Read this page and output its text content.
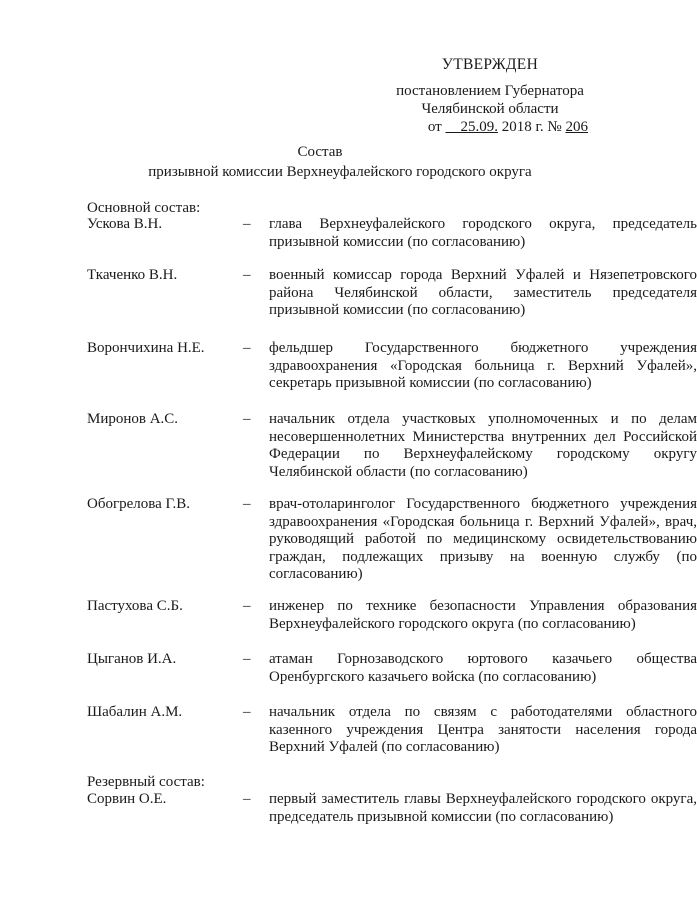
УТВЕРЖДЕН
постановлением Губернатора
Челябинской области
от 25.09. 2018 г. № 206
Состав
призывной комиссии Верхнеуфалейского городского округа
Основной состав:
Ускова В.Н.	– глава Верхнеуфалейского городского округа, председатель призывной комиссии (по согласованию)
Ткаченко В.Н.	– военный комиссар города Верхний Уфалей и Нязепетровского района Челябинской области, заместитель председателя призывной комиссии (по согласованию)
Ворончихина Н.Е.	– фельдшер Государственного бюджетного учреждения здравоохранения «Городская больница г. Верхний Уфалей», секретарь призывной комиссии (по согласованию)
Миронов А.С.	– начальник отдела участковых уполномоченных и по делам несовершеннолетних Министерства внутренних дел Российской Федерации по Верхнеуфалейскому городскому округу Челябинской области (по согласованию)
Обогрелова Г.В.	– врач-отоларинголог Государственного бюджетного учреждения здравоохранения «Городская больница г. Верхний Уфалей», врач, руководящий работой по медицинскому освидетельствованию граждан, подлежащих призыву на военную службу (по согласованию)
Пастухова С.Б.	– инженер по технике безопасности Управления образования Верхнеуфалейского городского округа (по согласованию)
Цыганов И.А.	– атаман Горнозаводского юртового казачьего общества Оренбургского казачьего войска (по согласованию)
Шабалин А.М.	– начальник отдела по связям с работодателями областного казенного учреждения Центра занятости населения города Верхний Уфалей (по согласованию)
Резервный состав:
Сорвин О.Е.	– первый заместитель главы Верхнеуфалейского городского округа, председатель призывной комиссии (по согласованию)
